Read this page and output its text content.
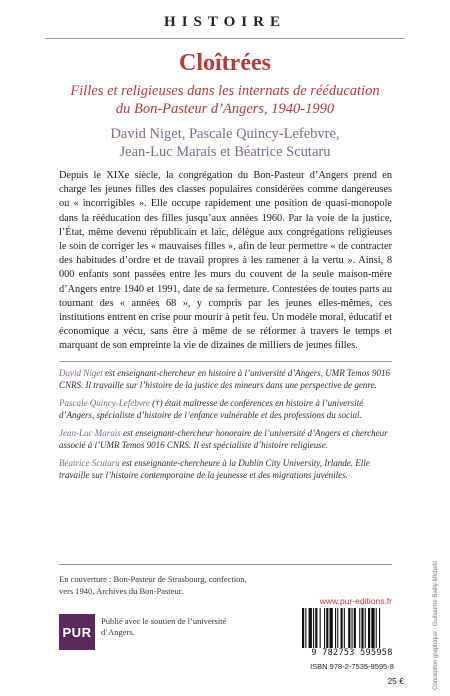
HISTOIRE
Cloîtrées
Filles et religieuses dans les internats de rééducation
du Bon-Pasteur d’Angers, 1940-1990
David Niget, Pascale Quincy-Lefebvre,
Jean-Luc Marais et Béatrice Scutaru

Depuis le XIXe siècle, la congrégation du Bon-Pasteur d’Angers prend en charge les jeunes filles des classes populaires considérées comme dangereuses ou « incorrigibles ». Elle occupe rapidement une position de quasi-monopole dans la rééducation des filles jusqu’aux années 1960. Par la voie de la justice, l’État, même devenu républicain et laïc, délègue aux congrégations religieuses le soin de corriger les « mauvaises filles », afin de leur permettre « de contracter des habitudes d’ordre et de travail propres à les ramener à la vertu ». Ainsi, 8 000 enfants sont passées entre les murs du couvent de la seule maison-mère d’Angers entre 1940 et 1991, date de sa fermeture. Contestées de toutes parts au tournant des « années 68 », y compris par les jeunes elles-mêmes, ces institutions entrent en crise pour mourir à petit feu. Un modèle moral, éducatif et économique a vécu, sans être à même de se réformer à travers le temps et marquant de son empreinte la vie de dizaines de milliers de jeunes filles.

David Niget est enseignant-chercheur en histoire à l’université d’Angers, UMR Temos 9016 CNRS. Il travaille sur l’histoire de la justice des mineurs dans une perspective de genre.

Pascale Quincy-Lefebvre (†) était maîtresse de conférences en histoire à l’université d’Angers, spécialiste d’histoire de l’enfance vulnérable et des professions du social.

Jean-Luc Marais est enseignant-chercheur honoraire de l’université d’Angers et chercheur associé à l’UMR Temos 9016 CNRS. Il est spécialiste d’histoire religieuse.

Béatrice Scutaru est enseignante-chercheure à la Dublin City University, Irlande. Elle travaille sur l’histoire contemporaine de la jeunesse et des migrations juvéniles.

En couverture : Bon-Pasteur de Strasbourg, confection, vers 1940, Archives du Bon-Pasteur.
PUR
Publié avec le soutien de l’université d’Angers.
www.pur-editions.fr
9 782753 595958
ISBN 978-2-7535-9595-8
25 €	Conception graphique : Guillaume Bailly-Michels
